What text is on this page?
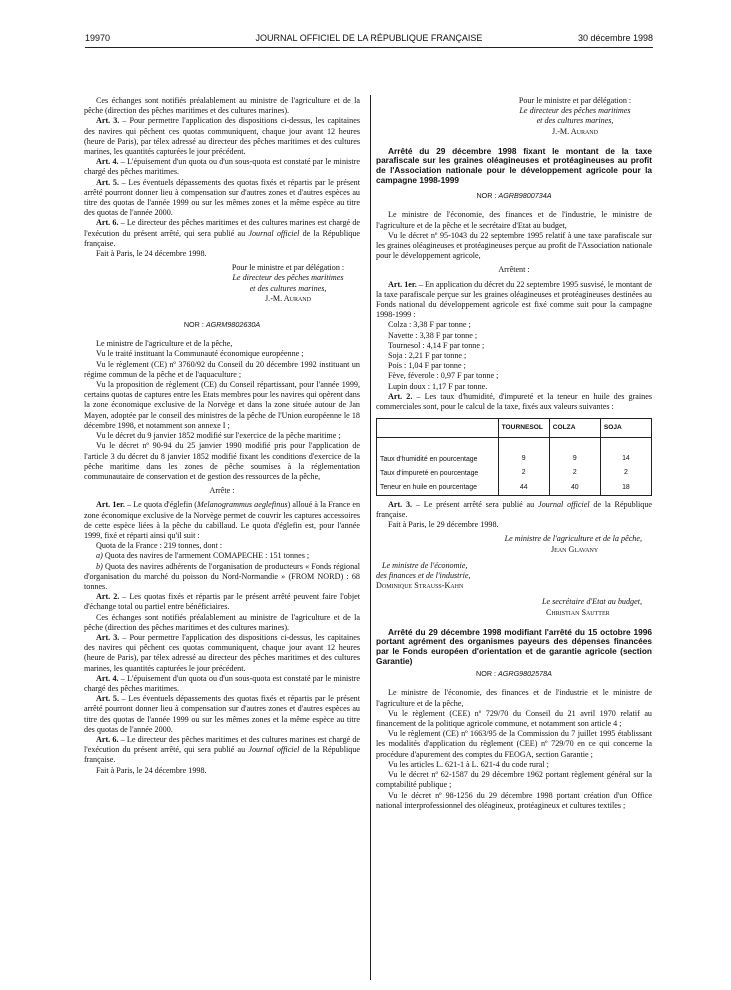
19970	JOURNAL OFFICIEL DE LA RÉPUBLIQUE FRANÇAISE	30 décembre 1998

Ces échanges sont notifiés préalablement au ministre de l'agriculture et de la pêche (direction des pêches maritimes et des cultures marines).

Art. 3. – Pour permettre l'application des dispositions ci-dessus, les capitaines des navires qui pêchent ces quotas communiquent, chaque jour avant 12 heures (heure de Paris), par télex adressé au directeur des pêches maritimes et des cultures marines, les quantités capturées le jour précédent.

Art. 4. – L'épuisement d'un quota ou d'un sous-quota est constaté par le ministre chargé des pêches maritimes.

Art. 5. – Les éventuels dépassements des quotas fixés et répartis par le présent arrêté pourront donner lieu à compensation sur d'autres zones et d'autres espèces au titre des quotas de l'année 1999 ou sur les mêmes zones et la même espèce au titre des quotas de l'année 2000.

Art. 6. – Le directeur des pêches maritimes et des cultures marines est chargé de l'exécution du présent arrêté, qui sera publié au Journal officiel de la République française.

Fait à Paris, le 24 décembre 1998.

Pour le ministre et par délégation :

Le directeur des pêches maritimes

et des cultures marines,

J.-M. Aurand

NOR : AGRM9802630A

Le ministre de l'agriculture et de la pêche,

Vu le traité instituant la Communauté économique européenne ;

Vu le règlement (CE) nº 3760/92 du Conseil du 20 décembre 1992 instituant un régime commun de la pêche et de l'aquaculture ;

Vu la proposition de règlement (CE) du Conseil répartissant, pour l'année 1999, certains quotas de captures entre les Etats membres pour les navires qui opèrent dans la zone économique exclusive de la Norvège et dans la zone située autour de Jan Mayen, adoptée par le conseil des ministres de la pêche de l'Union européenne le 18 décembre 1998, et notamment son annexe I ;

Vu le décret du 9 janvier 1852 modifié sur l'exercice de la pêche maritime ;

Vu le décret nº 90-94 du 25 janvier 1990 modifié pris pour l'application de l'article 3 du décret du 8 janvier 1852 modifié fixant les conditions d'exercice de la pêche maritime dans les zones de pêche soumises à la réglementation communautaire de conservation et de gestion des ressources de la pêche,

Arrête :

Art. 1er. – Le quota d'églefin (Melanogrammus aeglefinus) alloué à la France en zone économique exclusive de la Norvège permet de couvrir les captures accessoires de cette espèce liées à la pêche du cabillaud. Le quota d'églefin est, pour l'année 1999, fixé et réparti ainsi qu'il suit :

Quota de la France : 219 tonnes, dont :

a) Quota des navires de l'armement COMAPECHE : 151 tonnes ;

b) Quota des navires adhérents de l'organisation de producteurs « Fonds régional d'organisation du marché du poisson du Nord-Normandie » (FROM NORD) : 68 tonnes.

Art. 2. – Les quotas fixés et répartis par le présent arrêté peuvent faire l'objet d'échange total ou partiel entre bénéficiaires.

Ces échanges sont notifiés préalablement au ministre de l'agriculture et de la pêche (direction des pêches maritimes et des cultures marines).

Art. 3. – Pour permettre l'application des dispositions ci-dessus, les capitaines des navires qui pêchent ces quotas communiquent, chaque jour avant 12 heures (heure de Paris), par télex adressé au directeur des pêches maritimes et des cultures marines, les quantités capturées le jour précédent.

Art. 4. – L'épuisement d'un quota ou d'un sous-quota est constaté par le ministre chargé des pêches maritimes.

Art. 5. – Les éventuels dépassements des quotas fixés et répartis par le présent arrêté pourront donner lieu à compensation sur d'autres zones et d'autres espèces au titre des quotas de l'année 1999 ou sur les mêmes zones et la même espèce au titre des quotas de l'année 2000.

Art. 6. – Le directeur des pêches maritimes et des cultures marines est chargé de l'exécution du présent arrêté, qui sera publié au Journal officiel de la République française.

Fait à Paris, le 24 décembre 1998.

Pour le ministre et par délégation :

Le directeur des pêches maritimes

et des cultures marines,

J.-M. Aurand

Arrêté du 29 décembre 1998 fixant le montant de la taxe parafiscale sur les graines oléagineuses et protéagineuses au profit de l'Association nationale pour le développement agricole pour la campagne 1998-1999

NOR : AGRB9800734A

Le ministre de l'économie, des finances et de l'industrie, le ministre de l'agriculture et de la pêche et le secrétaire d'Etat au budget,

Vu le décret nº 95-1043 du 22 septembre 1995 relatif à une taxe parafiscale sur les graines oléagineuses et protéagineuses perçue au profit de l'Association nationale pour le développement agricole,

Arrêtent :

Art. 1er. – En application du décret du 22 septembre 1995 susvisé, le montant de la taxe parafiscale perçue sur les graines oléagineuses et protéagineuses destinées au Fonds national du développement agricole est fixé comme suit pour la campagne 1998-1999 :

Colza : 3,38 F par tonne ;

Navette : 3,38 F par tonne ;

Tournesol : 4,14 F par tonne ;

Soja : 2,21 F par tonne ;

Pois : 1,04 F par tonne ;

Fève, féverole : 0,97 F par tonne ;

Lupin doux : 1,17 F par tonne.

Art. 2. – Les taux d'humidité, d'impureté et la teneur en huile des graines commerciales sont, pour le calcul de la taxe, fixés aux valeurs suivantes :

	TOURNESOL	COLZA	SOJA
Taux d'humidité en pourcentage	9	9	14
Taux d'impureté en pourcentage	2	2	2
Teneur en huile en pourcentage	44	40	18

Art. 3. – Le présent arrêté sera publié au Journal officiel de la République française.

Fait à Paris, le 29 décembre 1998.

Le ministre de l'agriculture et de la pêche,

Jean Glavany

Le ministre de l'économie,

des finances et de l'industrie,

Dominique Strauss-Kahn

Le secrétaire d'Etat au budget,

Christian Sautter

Arrêté du 29 décembre 1998 modifiant l'arrêté du 15 octobre 1996 portant agrément des organismes payeurs des dépenses financées par le Fonds européen d'orientation et de garantie agricole (section Garantie)

NOR : AGRG9802578A

Le ministre de l'économie, des finances et de l'industrie et le ministre de l'agriculture et de la pêche,

Vu le règlement (CEE) nº 729/70 du Conseil du 21 avril 1970 relatif au financement de la politique agricole commune, et notamment son article 4 ;

Vu le règlement (CE) nº 1663/95 de la Commission du 7 juillet 1995 établissant les modalités d'application du règlement (CEE) nº 729/70 en ce qui concerne la procédure d'apurement des comptes du FEOGA, section Garantie ;

Vu les articles L. 621-1 à L. 621-4 du code rural ;

Vu le décret nº 62-1587 du 29 décembre 1962 portant règlement général sur la comptabilité publique ;

Vu le décret nº 98-1256 du 29 décembre 1998 portant création d'un Office national interprofessionnel des oléagineux, protéagineux et cultures textiles ;
